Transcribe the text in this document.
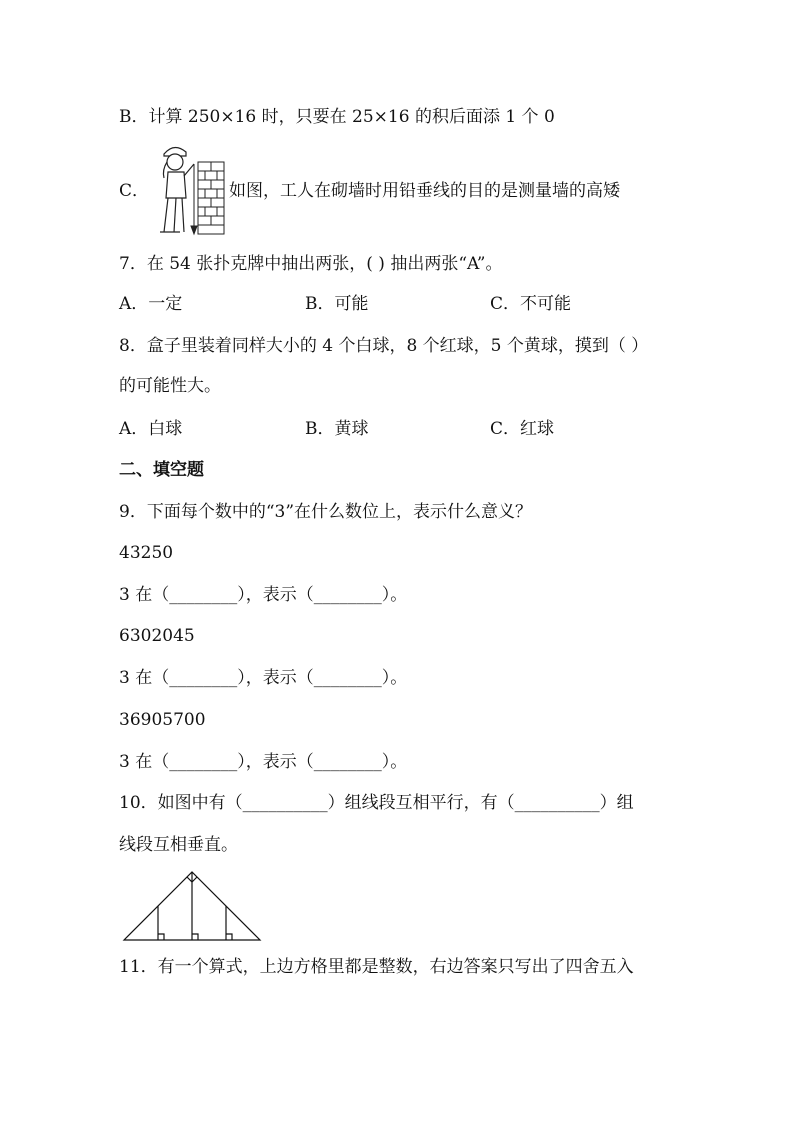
B．计算 250×16 时，只要在 25×16 的积后面添 1 个 0
C．	如图，工人在砌墙时用铅垂线的目的是测量墙的高矮
7．在 54 张扑克牌中抽出两张，( ) 抽出两张“A”。
A．一定	B．可能	C．不可能
8．盒子里装着同样大小的 4 个白球，8 个红球，5 个黄球，摸到（ ）
的可能性大。
A．白球	B．黄球	C．红球
二、填空题
9．下面每个数中的“3”在什么数位上，表示什么意义？
43250
3 在（________），表示（________）。
6302045
3 在（________），表示（________）。
36905700
3 在（________），表示（________）。
10．如图中有（__________）组线段互相平行，有（__________）组
线段互相垂直。
11．有一个算式，上边方格里都是整数，右边答案只写出了四舍五入
